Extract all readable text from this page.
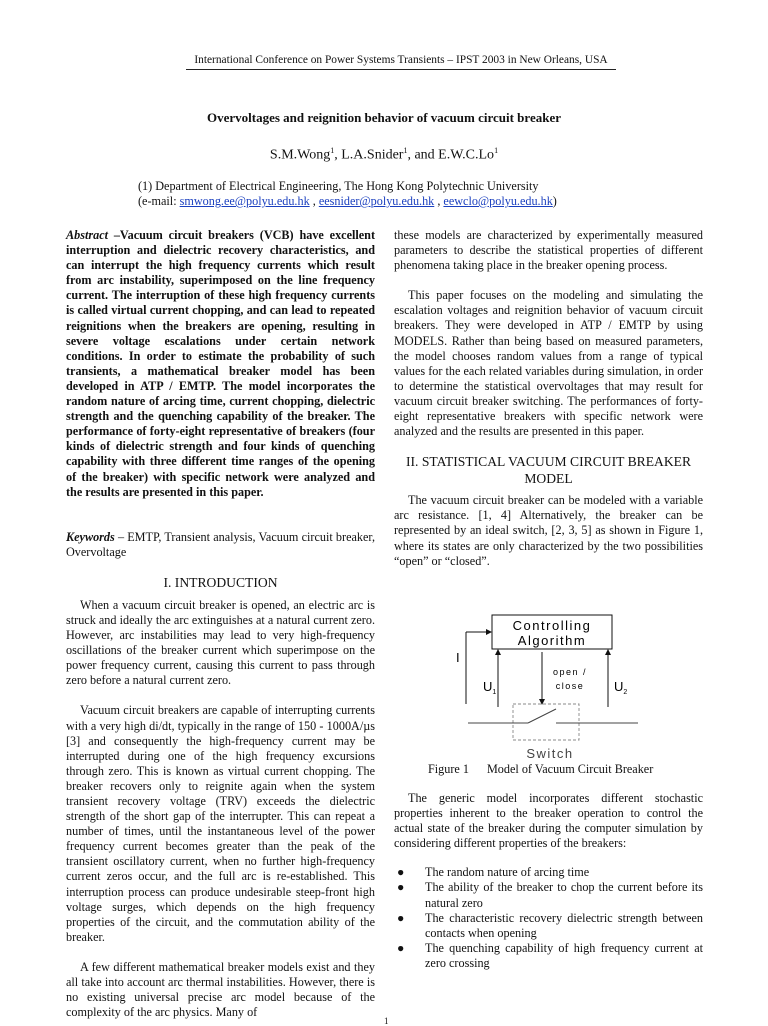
International Conference on Power Systems Transients – IPST 2003 in New Orleans, USA
Overvoltages and reignition behavior of vacuum circuit breaker
S.M.Wong$^1$, L.A.Snider$^1$, and E.W.C.Lo$^1$
(1) Department of Electrical Engineering, The Hong Kong Polytechnic University
(e-mail: smwong.ee@polyu.edu.hk , eesnider@polyu.edu.hk , eewclo@polyu.edu.hk)

Abstract –Vacuum circuit breakers (VCB) have excellent interruption and dielectric recovery characteristics, and can interrupt the high frequency currents which result from arc instability, superimposed on the line frequency current. The interruption of these high frequency currents is called virtual current chopping, and can lead to repeated reignitions when the breakers are opening, resulting in severe voltage escalations under certain network conditions. In order to estimate the probability of such transients, a mathematical breaker model has been developed in ATP / EMTP. The model incorporates the random nature of arcing time, current chopping, dielectric strength and the quenching capability of the breaker. The performance of forty-eight representative of breakers (four kinds of dielectric strength and four kinds of quenching capability with three different time ranges of the opening of the breaker) with specific network were analyzed and the results are presented in this paper.

Keywords – EMTP, Transient analysis, Vacuum circuit breaker, Overvoltage

I. INTRODUCTION

When a vacuum circuit breaker is opened, an electric arc is struck and ideally the arc extinguishes at a natural current zero. However, arc instabilities may lead to very high-frequency oscillations of the breaker current which superimpose on the power frequency current, causing this current to pass through zero before a natural current zero.

Vacuum circuit breakers are capable of interrupting currents with a very high di/dt, typically in the range of 150 - 1000A/µs [3] and consequently the high-frequency current may be interrupted during one of the high frequency excursions through zero. This is known as virtual current chopping. The breaker recovers only to reignite again when the system transient recovery voltage (TRV) exceeds the dielectric strength of the short gap of the interrupter. This can repeat a number of times, until the instantaneous level of the power frequency current becomes greater than the peak of the transient oscillatory current, when no further high-frequency current zeros occur, and the full arc is re-established. This interruption process can produce undesirable steep-front high voltage surges, which depends on the high frequency properties of the circuit, and the commutation ability of the breaker.

A few different mathematical breaker models exist and they all take into account arc thermal instabilities. However, there is no existing universal precise arc model because of the complexity of the arc physics. Many of

these models are characterized by experimentally measured parameters to describe the statistical properties of different phenomena taking place in the breaker opening process.

This paper focuses on the modeling and simulating the escalation voltages and reignition behavior of vacuum circuit breakers. They were developed in ATP / EMTP by using MODELS. Rather than being based on measured parameters, the model chooses random values from a range of typical values for the each related variables during simulation, in order to determine the statistical overvoltages that may result for vacuum circuit breaker switching. The performances of forty-eight representative breakers with specific network were analyzed and the results are presented in this paper.

II. STATISTICAL VACUUM CIRCUIT BREAKER
MODEL

The vacuum circuit breaker can be modeled with a variable arc resistance. [1, 4] Alternatively, the breaker can be represented by an ideal switch, [2, 3, 5] as shown in Figure 1, where its states are only characterized by the two possibilities “open” or “closed”.

Controlling
Algorithm
I
$U_1$	$U_2$
open /
close
Switch
Figure 1 Model of Vacuum Circuit Breaker

The generic model incorporates different stochastic properties inherent to the breaker operation to control the actual state of the breaker during the computer simulation by considering different properties of the breakers:

● The random nature of arcing time
● The ability of the breaker to chop the current before its natural zero
● The characteristic recovery dielectric strength between contacts when opening
● The quenching capability of high frequency current at zero crossing
1
